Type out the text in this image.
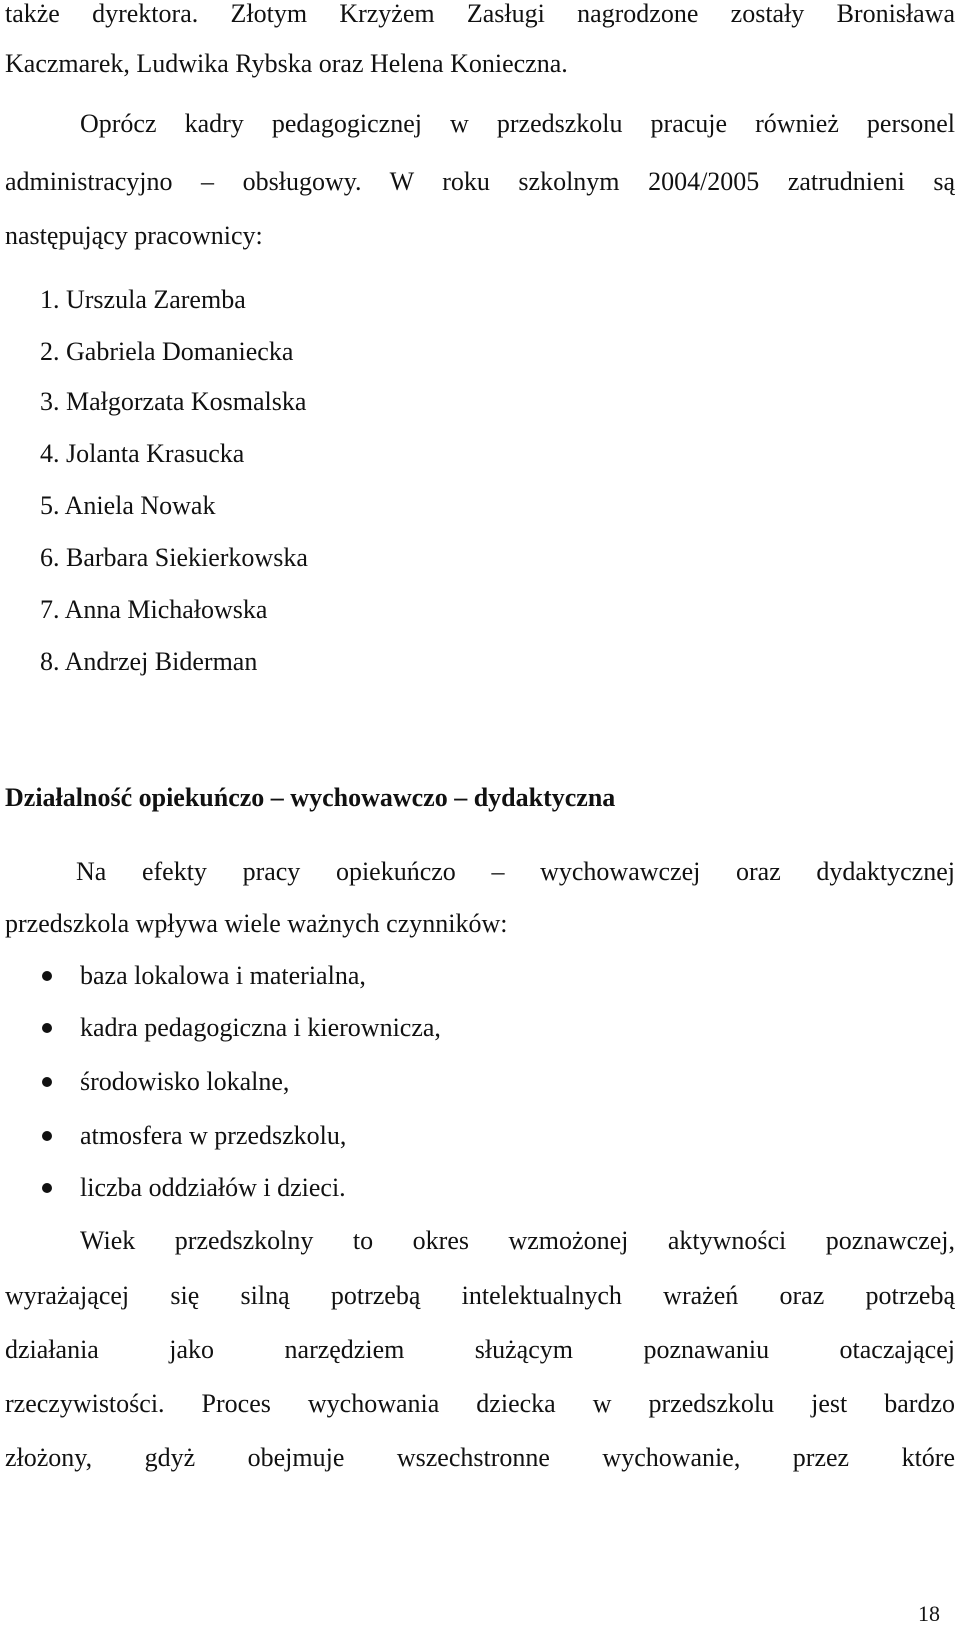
także dyrektora. Złotym Krzyżem Zasługi nagrodzone zostały Bronisława
Kaczmarek, Ludwika Rybska oraz Helena Konieczna.
Oprócz kadry pedagogicznej w przedszkolu pracuje również personel
administracyjno – obsługowy. W roku szkolnym 2004/2005 zatrudnieni są
następujący pracownicy:
1. Urszula Zaremba
2. Gabriela Domaniecka
3. Małgorzata Kosmalska
4. Jolanta Krasucka
5. Aniela Nowak
6. Barbara Siekierkowska
7. Anna Michałowska
8. Andrzej Biderman
Działalność opiekuńczo – wychowawczo – dydaktyczna
Na efekty pracy opiekuńczo – wychowawczej oraz dydaktycznej
przedszkola wpływa wiele ważnych czynników:
baza lokalowa i materialna,
kadra pedagogiczna i kierownicza,
środowisko lokalne,
atmosfera w przedszkolu,
liczba oddziałów i dzieci.
Wiek przedszkolny to okres wzmożonej aktywności poznawczej,
wyrażającej się silną potrzebą intelektualnych wrażeń oraz potrzebą
działania jako narzędziem służącym poznawaniu otaczającej
rzeczywistości. Proces wychowania dziecka w przedszkolu jest bardzo
złożony, gdyż obejmuje wszechstronne wychowanie, przez które
18
